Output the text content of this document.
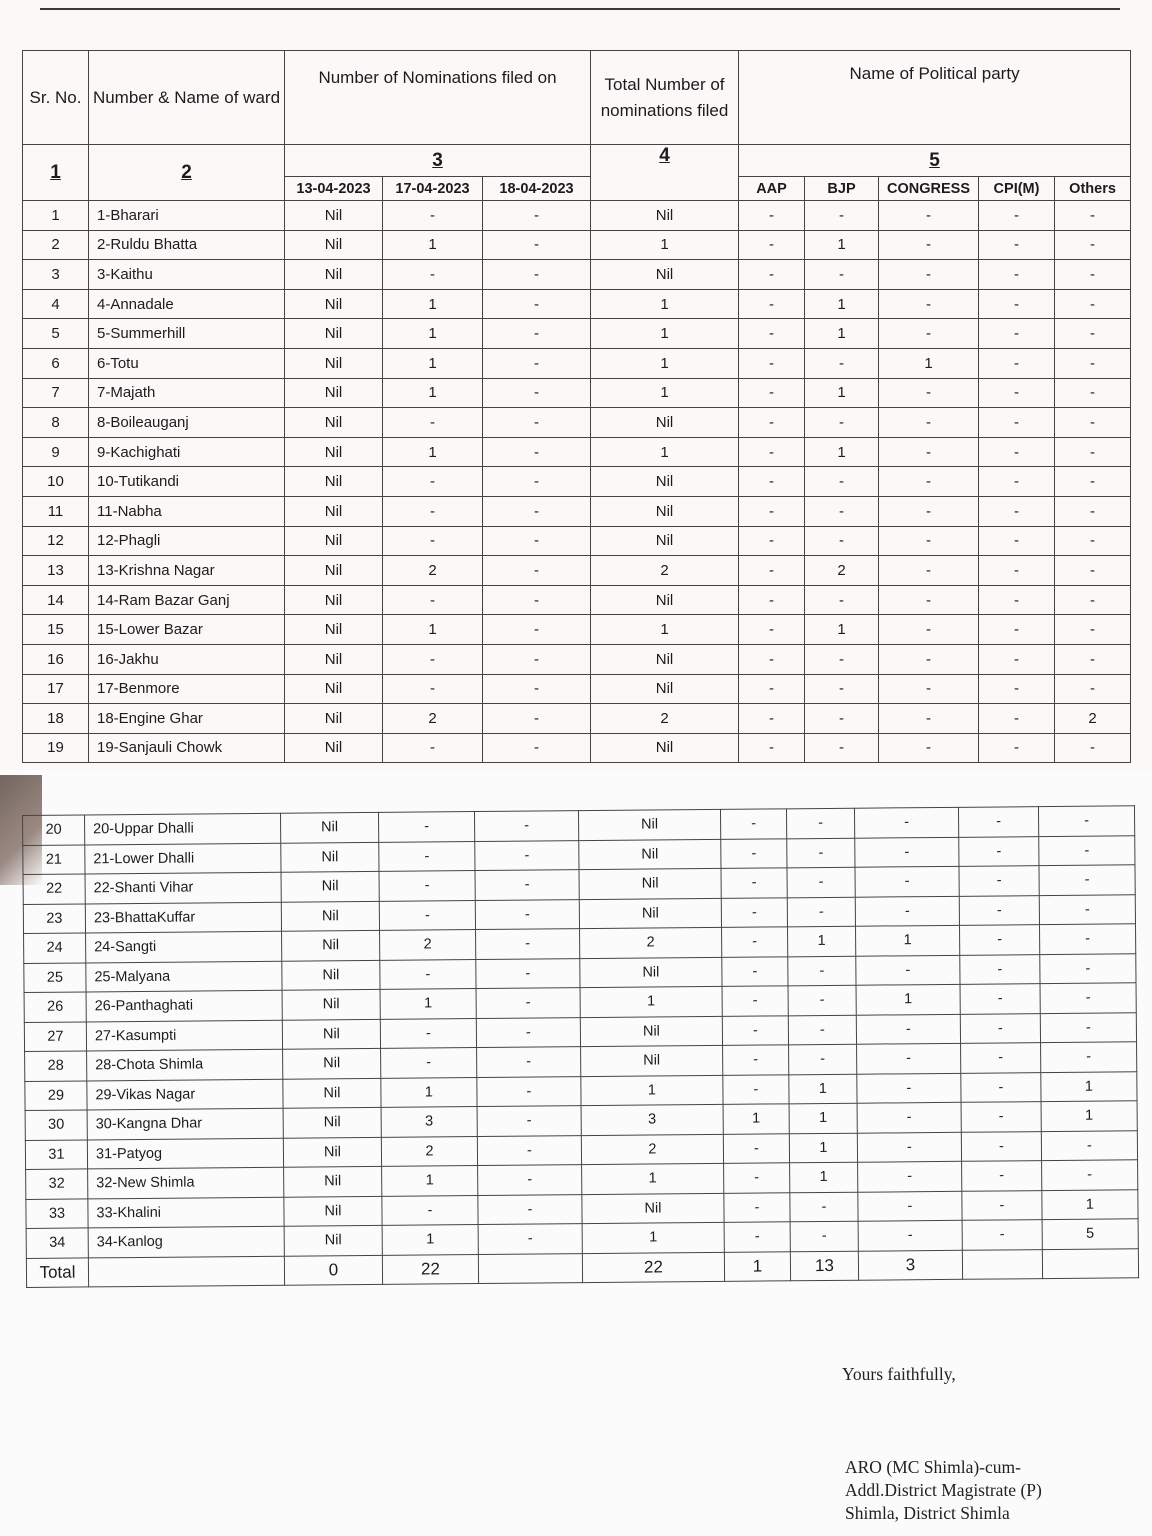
Sr. No.	Number & Name of ward	Number of Nominations filed on			Total Number of nominations filed	Name of Political party				
1	2	3			4	5				
		13-04-2023	17-04-2023	18-04-2023		AAP	BJP	CONGRESS	CPI(M)	Others
1	1-Bharari	Nil	-	-	Nil	-	-	-	-	-
2	2-Ruldu Bhatta	Nil	1	-	1	-	1	-	-	-
3	3-Kaithu	Nil	-	-	Nil	-	-	-	-	-
4	4-Annadale	Nil	1	-	1	-	1	-	-	-
5	5-Summerhill	Nil	1	-	1	-	1	-	-	-
6	6-Totu	Nil	1	-	1	-	-	1	-	-
7	7-Majath	Nil	1	-	1	-	1	-	-	-
8	8-Boileauganj	Nil	-	-	Nil	-	-	-	-	-
9	9-Kachighati	Nil	1	-	1	-	1	-	-	-
10	10-Tutikandi	Nil	-	-	Nil	-	-	-	-	-
11	11-Nabha	Nil	-	-	Nil	-	-	-	-	-
12	12-Phagli	Nil	-	-	Nil	-	-	-	-	-
13	13-Krishna Nagar	Nil	2	-	2	-	2	-	-	-
14	14-Ram Bazar Ganj	Nil	-	-	Nil	-	-	-	-	-
15	15-Lower Bazar	Nil	1	-	1	-	1	-	-	-
16	16-Jakhu	Nil	-	-	Nil	-	-	-	-	-
17	17-Benmore	Nil	-	-	Nil	-	-	-	-	-
18	18-Engine Ghar	Nil	2	-	2	-	-	-	-	2
19	19-Sanjauli Chowk	Nil	-	-	Nil	-	-	-	-	-
20	20-Uppar Dhalli	Nil	-	-	Nil	-	-	-	-	-
21	21-Lower Dhalli	Nil	-	-	Nil	-	-	-	-	-
22	22-Shanti Vihar	Nil	-	-	Nil	-	-	-	-	-
23	23-BhattaKuffar	Nil	-	-	Nil	-	-	-	-	-
24	24-Sangti	Nil	2	-	2	-	1	1	-	-
25	25-Malyana	Nil	-	-	Nil	-	-	-	-	-
26	26-Panthaghati	Nil	1	-	1	-	-	1	-	-
27	27-Kasumpti	Nil	-	-	Nil	-	-	-	-	-
28	28-Chota Shimla	Nil	-	-	Nil	-	-	-	-	-
29	29-Vikas Nagar	Nil	1	-	1	-	1	-	-	1
30	30-Kangna Dhar	Nil	3	-	3	1	1	-	-	1
31	31-Patyog	Nil	2	-	2	-	1	-	-	-
32	32-New Shimla	Nil	1	-	1	-	1	-	-	-
33	33-Khalini	Nil	-	-	Nil	-	-	-	-	1
34	34-Kanlog	Nil	1	-	1	-	-	-	-	5
Total		0	22		22	1	13	3		
Yours faithfully,
ARO (MC Shimla)-cum-
Addl.District Magistrate (P)
Shimla, District Shimla
